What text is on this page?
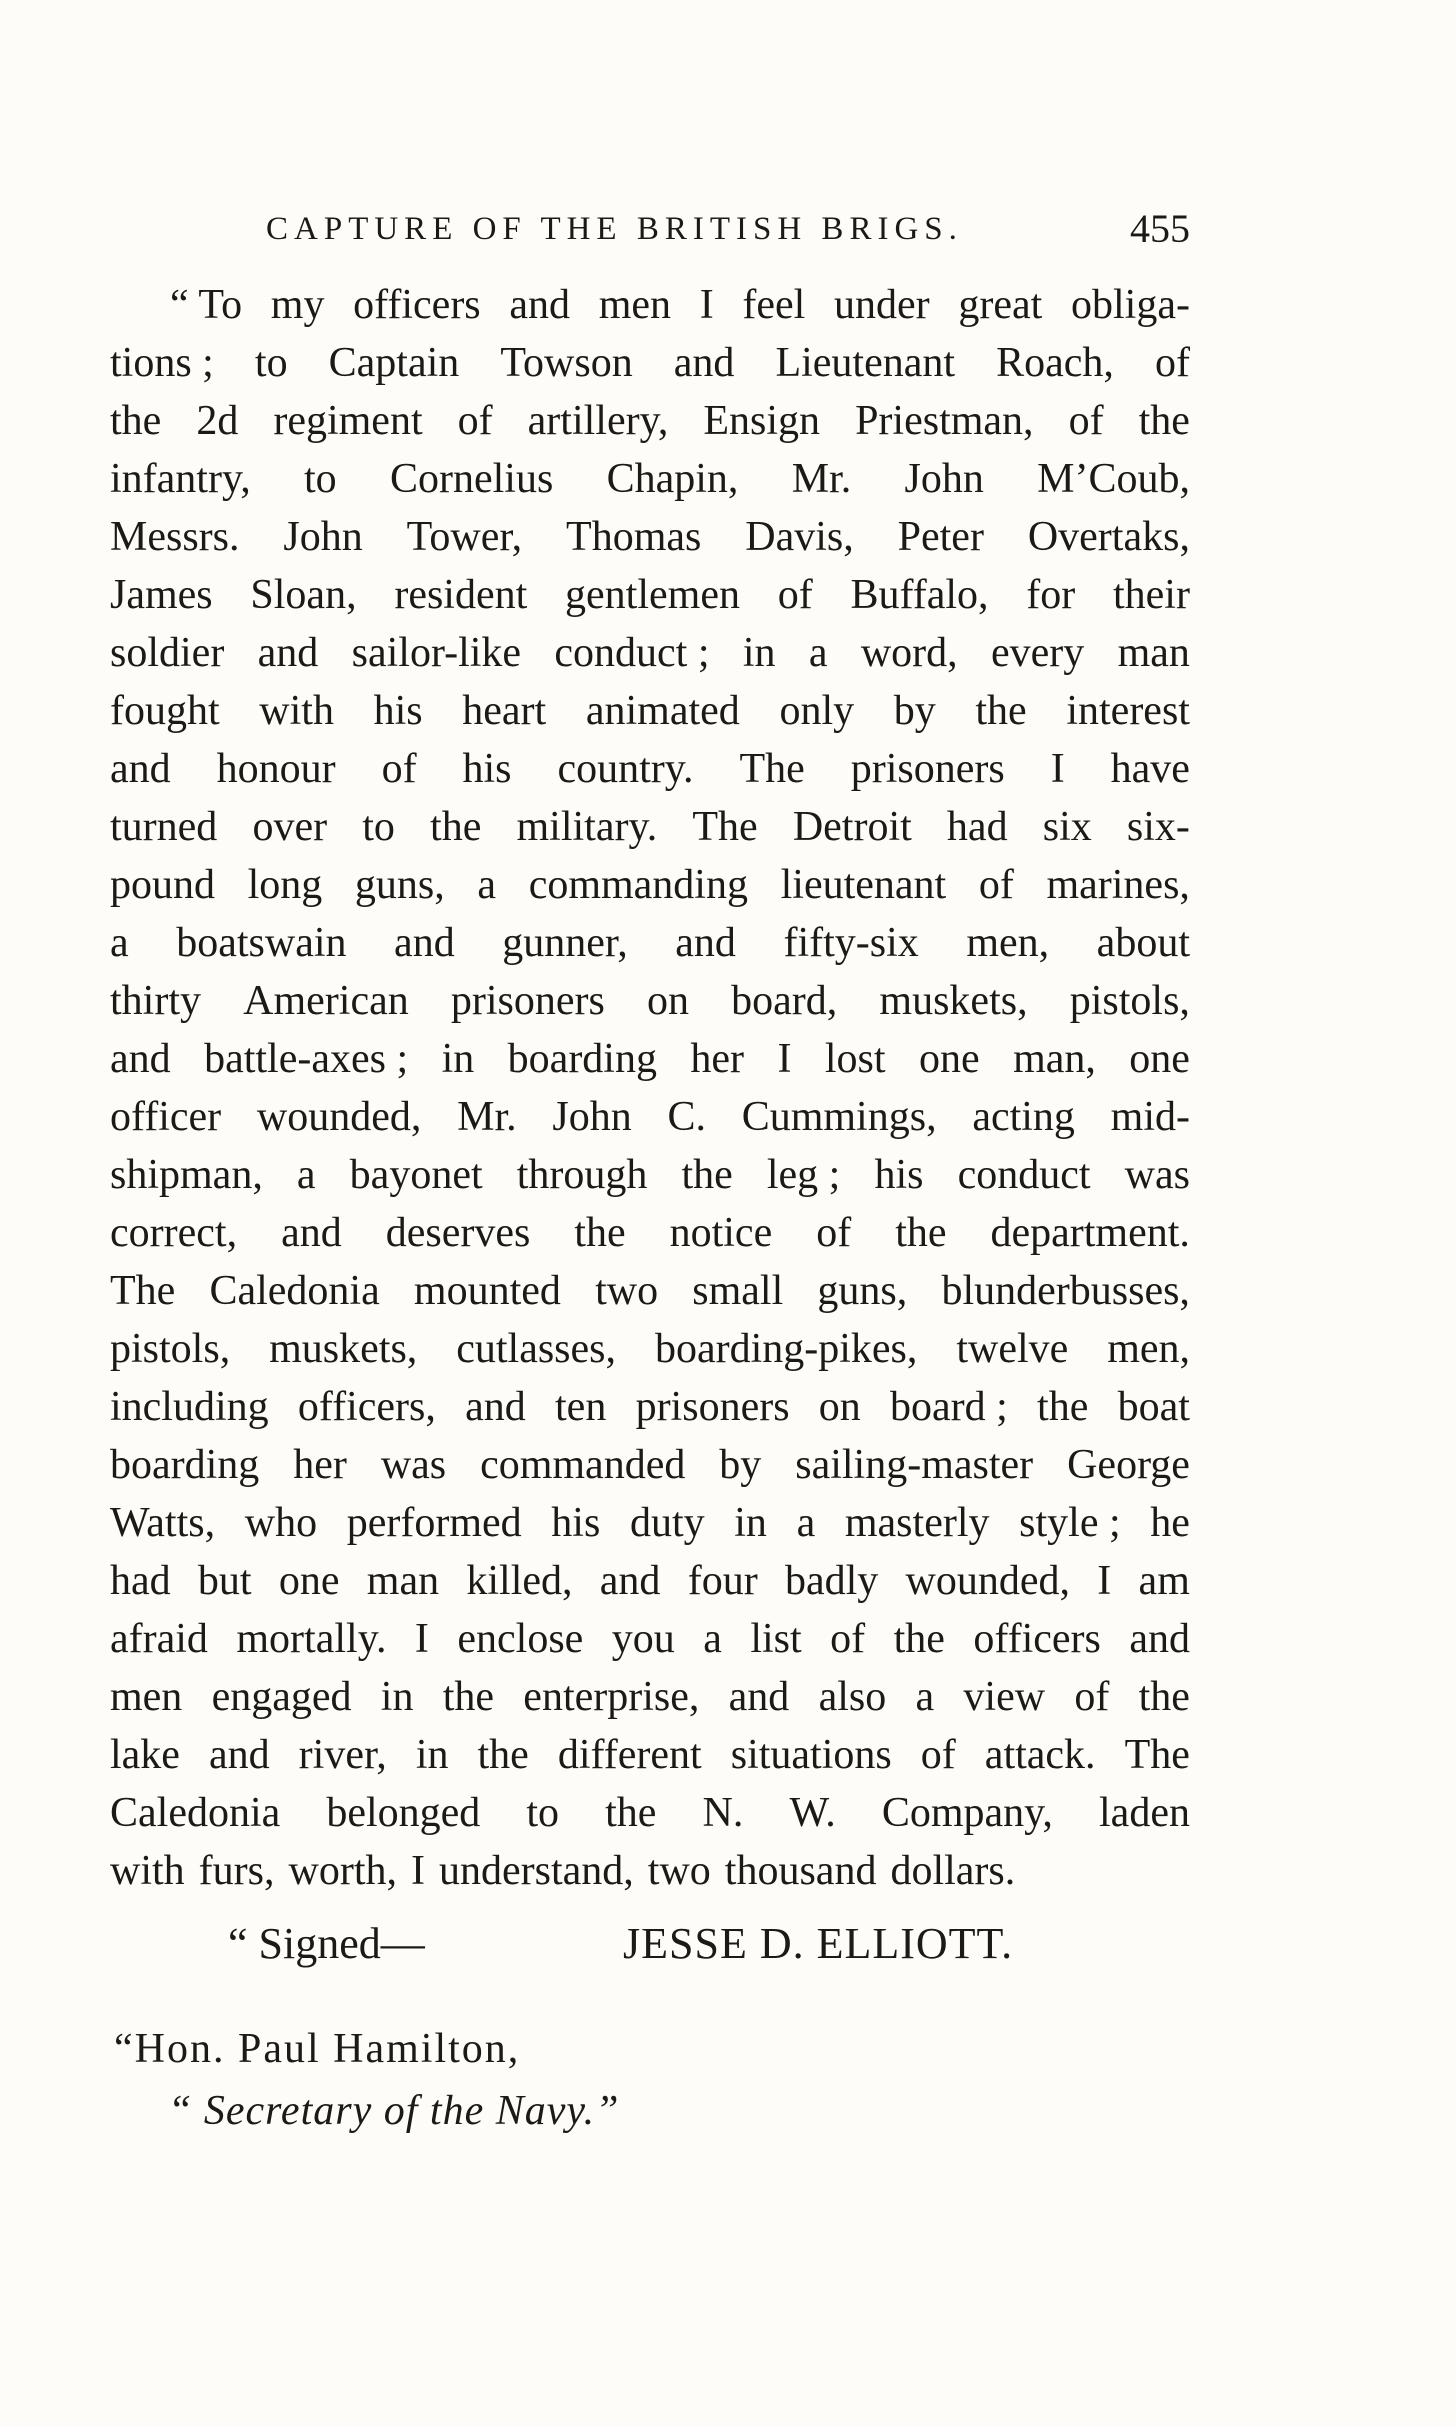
CAPTURE OF THE BRITISH BRIGS.	455
“ To my officers and men I feel under great obliga-
tions ; to Captain Towson and Lieutenant Roach, of
the 2d regiment of artillery, Ensign Priestman, of the
infantry, to Cornelius Chapin, Mr. John M’Coub,
Messrs. John Tower, Thomas Davis, Peter Overtaks,
James Sloan, resident gentlemen of Buffalo, for their
soldier and sailor-like conduct ; in a word, every man
fought with his heart animated only by the interest
and honour of his country. The prisoners I have
turned over to the military. The Detroit had six six-
pound long guns, a commanding lieutenant of marines,
a boatswain and gunner, and fifty-six men, about
thirty American prisoners on board, muskets, pistols,
and battle-axes ; in boarding her I lost one man, one
officer wounded, Mr. John C. Cummings, acting mid-
shipman, a bayonet through the leg ; his conduct was
correct, and deserves the notice of the department.
The Caledonia mounted two small guns, blunderbusses,
pistols, muskets, cutlasses, boarding-pikes, twelve men,
including officers, and ten prisoners on board ; the boat
boarding her was commanded by sailing-master George
Watts, who performed his duty in a masterly style ; he
had but one man killed, and four badly wounded, I am
afraid mortally. I enclose you a list of the officers and
men engaged in the enterprise, and also a view of the
lake and river, in the different situations of attack. The
Caledonia belonged to the N. W. Company, laden
with furs, worth, I understand, two thousand dollars.
“ Signed—	JESSE D. ELLIOTT.
“Hon. Paul Hamilton,
“ Secretary of the Navy.”
